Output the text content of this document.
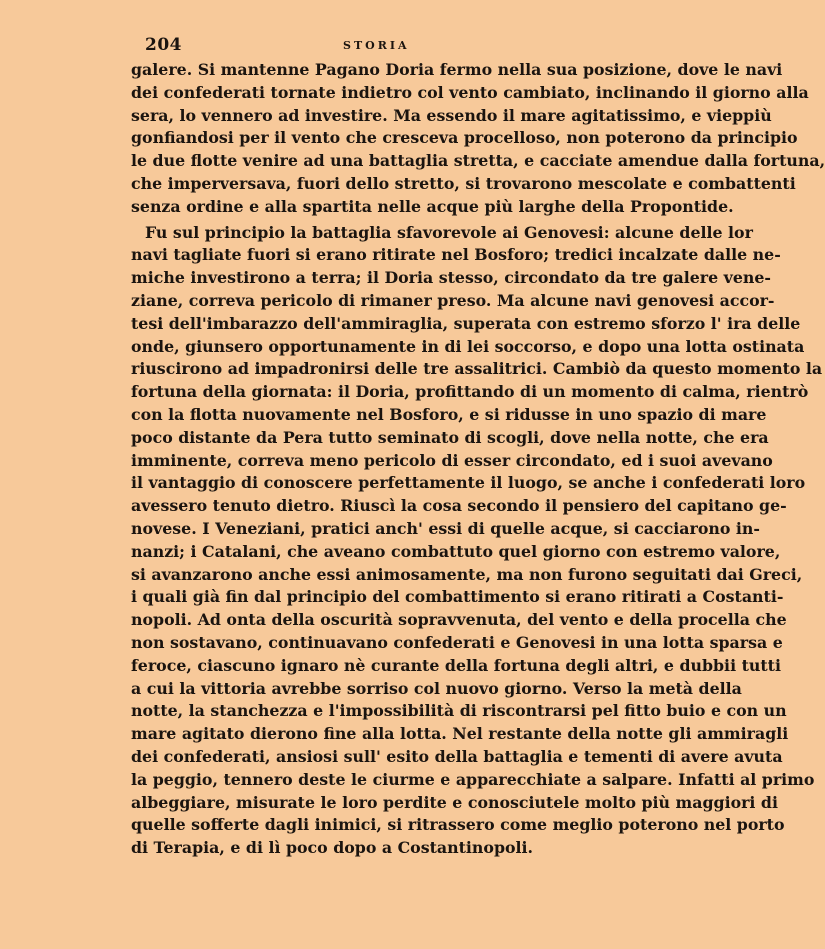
204	STORIA
galere. Si mantenne Pagano Doria fermo nella sua posizione, dove le navi
dei confederati tornate indietro col vento cambiato, inclinando il giorno alla
sera, lo vennero ad investire. Ma essendo il mare agitatissimo, e vieppiù
gonfiandosi per il vento che cresceva procelloso, non poterono da principio
le due flotte venire ad una battaglia stretta, e cacciate amendue dalla fortuna,
che imperversava, fuori dello stretto, si trovarono mescolate e combattenti
senza ordine e alla spartita nelle acque più larghe della Propontide.
Fu sul principio la battaglia sfavorevole ai Genovesi: alcune delle lor
navi tagliate fuori si erano ritirate nel Bosforo; tredici incalzate dalle ne-
miche investirono a terra; il Doria stesso, circondato da tre galere vene-
ziane, correva pericolo di rimaner preso. Ma alcune navi genovesi accor-
tesi dell'imbarazzo dell'ammiraglia, superata con estremo sforzo l' ira delle
onde, giunsero opportunamente in di lei soccorso, e dopo una lotta ostinata
riuscirono ad impadronirsi delle tre assalitrici. Cambiò da questo momento la
fortuna della giornata: il Doria, profittando di un momento di calma, rientrò
con la flotta nuovamente nel Bosforo, e si ridusse in uno spazio di mare
poco distante da Pera tutto seminato di scogli, dove nella notte, che era
imminente, correva meno pericolo di esser circondato, ed i suoi avevano
il vantaggio di conoscere perfettamente il luogo, se anche i confederati loro
avessero tenuto dietro. Riuscì la cosa secondo il pensiero del capitano ge-
novese. I Veneziani, pratici anch' essi di quelle acque, si cacciarono in-
nanzi; i Catalani, che aveano combattuto quel giorno con estremo valore,
si avanzarono anche essi animosamente, ma non furono seguitati dai Greci,
i quali già fin dal principio del combattimento si erano ritirati a Costanti-
nopoli. Ad onta della oscurità sopravvenuta, del vento e della procella che
non sostavano, continuavano confederati e Genovesi in una lotta sparsa e
feroce, ciascuno ignaro nè curante della fortuna degli altri, e dubbii tutti
a cui la vittoria avrebbe sorriso col nuovo giorno. Verso la metà della
notte, la stanchezza e l'impossibilità di riscontrarsi pel fitto buio e con un
mare agitato dierono fine alla lotta. Nel restante della notte gli ammiragli
dei confederati, ansiosi sull' esito della battaglia e tementi di avere avuta
la peggio, tennero deste le ciurme e apparecchiate a salpare. Infatti al primo
albeggiare, misurate le loro perdite e conosciutele molto più maggiori di
quelle sofferte dagli inimici, si ritrassero come meglio poterono nel porto
di Terapia, e di lì poco dopo a Costantinopoli.
